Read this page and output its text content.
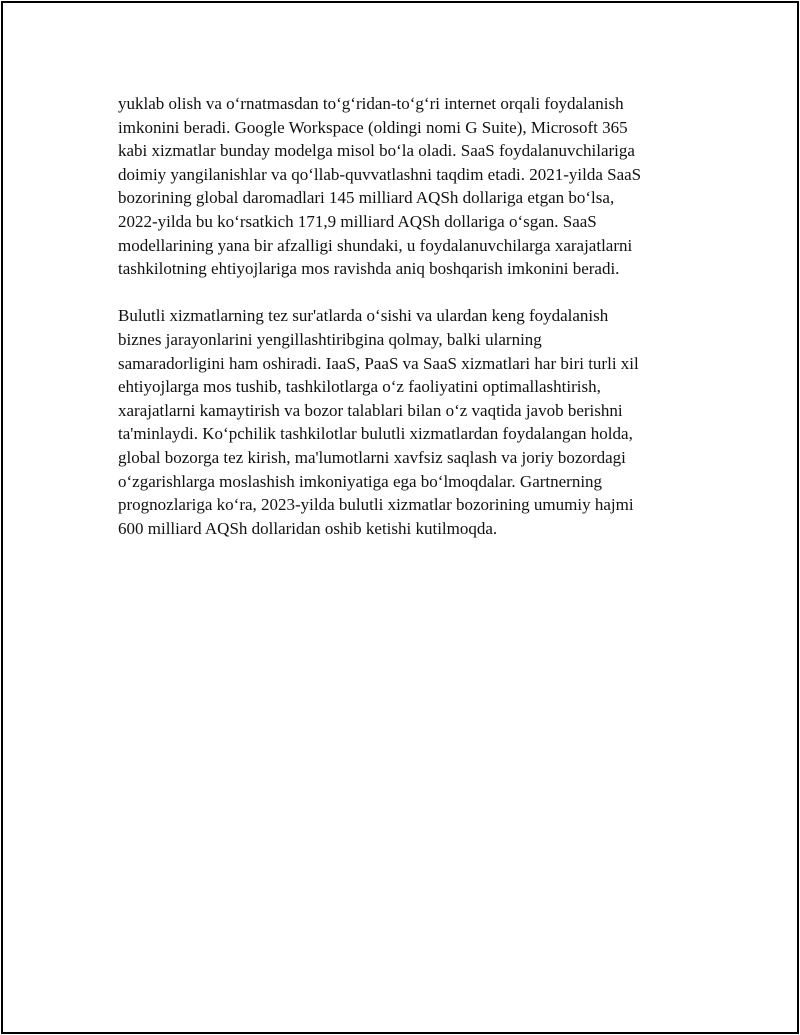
yuklab olish va o‘rnatmasdan to‘g‘ridan-to‘g‘ri internet orqali foydalanish
imkonini beradi. Google Workspace (oldingi nomi G Suite), Microsoft 365
kabi xizmatlar bunday modelga misol bo‘la oladi. SaaS foydalanuvchilariga
doimiy yangilanishlar va qo‘llab-quvvatlashni taqdim etadi. 2021-yilda SaaS
bozorining global daromadlari 145 milliard AQSh dollariga etgan bo‘lsa,
2022-yilda bu ko‘rsatkich 171,9 milliard AQSh dollariga o‘sgan. SaaS
modellarining yana bir afzalligi shundaki, u foydalanuvchilarga xarajatlarni
tashkilotning ehtiyojlariga mos ravishda aniq boshqarish imkonini beradi.

Bulutli xizmatlarning tez sur'atlarda o‘sishi va ulardan keng foydalanish
biznes jarayonlarini yengillashtiribgina qolmay, balki ularning
samaradorligini ham oshiradi. IaaS, PaaS va SaaS xizmatlari har biri turli xil
ehtiyojlarga mos tushib, tashkilotlarga o‘z faoliyatini optimallashtirish,
xarajatlarni kamaytirish va bozor talablari bilan o‘z vaqtida javob berishni
ta'minlaydi. Ko‘pchilik tashkilotlar bulutli xizmatlardan foydalangan holda,
global bozorga tez kirish, ma'lumotlarni xavfsiz saqlash va joriy bozordagi
o‘zgarishlarga moslashish imkoniyatiga ega bo‘lmoqdalar. Gartnerning
prognozlariga ko‘ra, 2023-yilda bulutli xizmatlar bozorining umumiy hajmi
600 milliard AQSh dollaridan oshib ketishi kutilmoqda.
